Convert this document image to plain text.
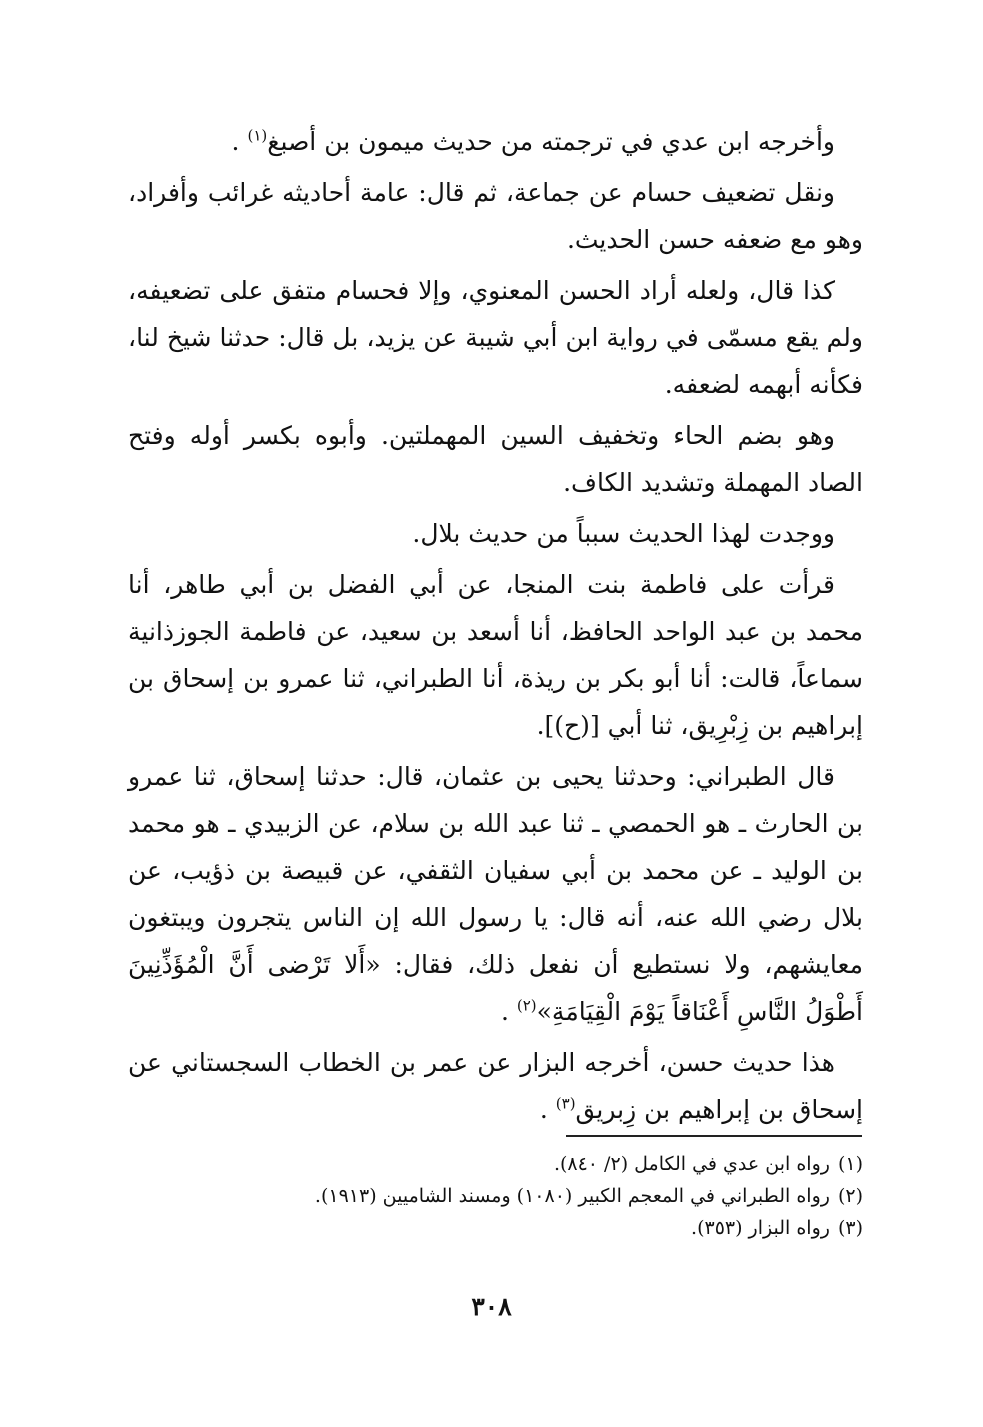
وأخرجه ابن عدي في ترجمته من حديث ميمون بن أصبغ$^{(١)}$ .

ونقل تضعيف حسام عن جماعة، ثم قال: عامة أحاديثه غرائب وأفراد، وهو مع ضعفه حسن الحديث.

كذا قال، ولعله أراد الحسن المعنوي، وإلا فحسام متفق على تضعيفه، ولم يقع مسمّى في رواية ابن أبي شيبة عن يزيد، بل قال: حدثنا شيخ لنا، فكأنه أبهمه لضعفه.

وهو بضم الحاء وتخفيف السين المهملتين. وأبوه بكسر أوله وفتح الصاد المهملة وتشديد الكاف.

ووجدت لهذا الحديث سبباً من حديث بلال.

قرأت على فاطمة بنت المنجا، عن أبي الفضل بن أبي طاهر، أنا محمد بن عبد الواحد الحافظ، أنا أسعد بن سعيد، عن فاطمة الجوزذانية سماعاً، قالت: أنا أبو بكر بن ريذة، أنا الطبراني، ثنا عمرو بن إسحاق بن إبراهيم بن زِبْرِيق، ثنا أبي [(ح)].

قال الطبراني: وحدثنا يحيى بن عثمان، قال: حدثنا إسحاق، ثنا عمرو بن الحارث ـ هو الحمصي ـ ثنا عبد الله بن سلام، عن الزبيدي ـ هو محمد بن الوليد ـ عن محمد بن أبي سفيان الثقفي، عن قبيصة بن ذؤيب، عن بلال رضي الله عنه، أنه قال: يا رسول الله إن الناس يتجرون ويبتغون معايشهم، ولا نستطيع أن نفعل ذلك، فقال: «أَلا تَرْضى أَنَّ الْمُؤَذِّنِينَ أَطْوَلُ النَّاسِ أَعْنَاقاً يَوْمَ الْقِيَامَةِ»$^{(٢)}$ .

هذا حديث حسن، أخرجه البزار عن عمر بن الخطاب السجستاني عن إسحاق بن إبراهيم بن زِبريق$^{(٣)}$ .

(١)رواه ابن عدي في الكامل (٢/ ٨٤٠).

(٢)رواه الطبراني في المعجم الكبير (١٠٨٠) ومسند الشاميين (١٩١٣).

(٣)رواه البزار (٣٥٣).

٣٠٨
